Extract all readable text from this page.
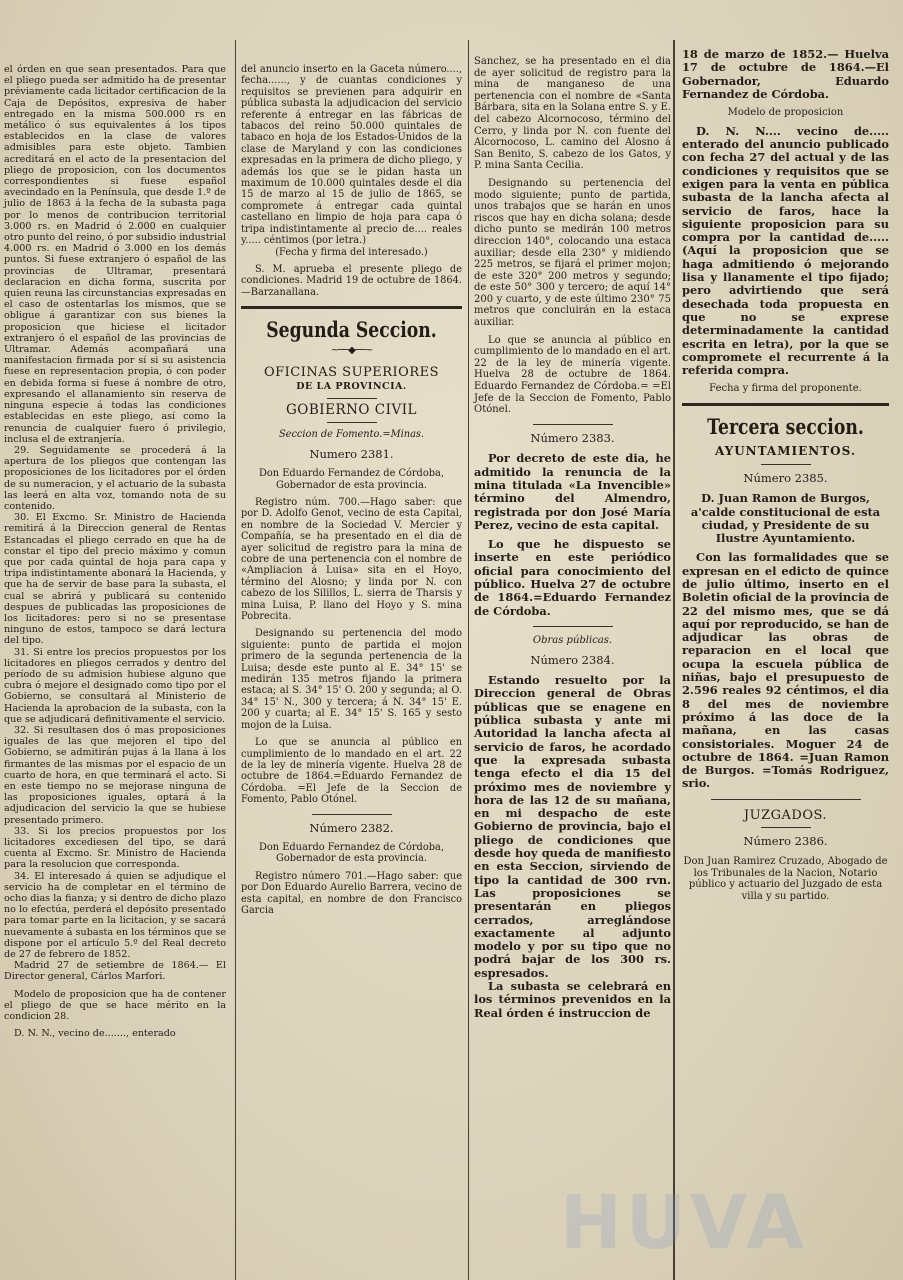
el órden en que sean presentados. Para que el pliego pueda ser admitido ha de presentar préviamente cada licitador certificacion de la Caja de Depósitos, expresiva de haber entregado en la misma 500.000 rs en metálico ó sus equivalentes á los tipos establecidos en la clase de valores admisibles para este objeto. Tambien acreditará en el acto de la presentacion del pliego de proposicion, con los documentos correspondientes si fuese español avecindado en la Península, que desde 1.º de julio de 1863 á la fecha de la subasta paga por lo menos de contribucion territorial 3.000 rs. en Madrid ó 2.000 en cualquier otro punto del reino, ó por subsidio industrial 4.000 rs. en Madrid ó 3.000 en los demás puntos. Si fuese extranjero ó español de las provincias de Ultramar, presentará declaracion en dicha forma, suscrita por quien reuna las circunstancias expresadas en el caso de ostentarlas los mismos, que se obligue á garantizar con sus bienes la proposicion que hiciese el licitador extranjero ó el español de las provincias de Ultramar. Además acompañará una manifestacion firmada por sí si su asistencia fuese en representacion propia, ó con poder en debida forma si fuese á nombre de otro, expresando el allanamiento sin reserva de ninguna especie á todas las condiciones establecidas en este pliego, así como la renuncia de cualquier fuero ó privilegio, inclusa el de extranjería.

29. Seguidamente se procederá á la apertura de los pliegos que contengan las proposiciones de los licitadores por el órden de su numeracion, y el actuario de la subasta las leerá en alta voz, tomando nota de su contenido.

30. El Excmo. Sr. Ministro de Hacienda remitirá á la Direccion general de Rentas Estancadas el pliego cerrado en que ha de constar el tipo del precio máximo y comun que por cada quintal de hoja para capa y tripa indistintamente abonará la Hacienda, y que ha de servir de base para la subasta, el cual se abrirá y publicará su contenido despues de publicadas las proposiciones de los licitadores: pero si no se presentase ninguno de estos, tampoco se dará lectura del tipo.

31. Si entre los precios propuestos por los licitadores en pliegos cerrados y dentro del período de su admision hubiese alguno que cubra ó mejore el designado como tipo por el Gobierno, se consultará al Ministerio de Hacienda la aprobacion de la subasta, con la que se adjudicará definitivamente el servicio.

32. Si resultasen dos ó mas proposiciones iguales de las que mejoren el tipo del Gobierno, se admitirán pujas á la llana á los firmantes de las mismas por el espacio de un cuarto de hora, en que terminará el acto. Si en este tiempo no se mejorase ninguna de las proposiciones iguales, optará á la adjudicacion del servicio la que se hubiese presentado primero.

33. Si los precios propuestos por los licitadores excediesen del tipo, se dará cuenta al Excmo. Sr. Ministro de Hacienda para la resolucion que corresponda.

34. El interesado á quien se adjudique el servicio ha de completar en el término de ocho dias la fianza; y si dentro de dicho plazo no lo efectúa, perderá el depósito presentado para tomar parte en la licitacion, y se sacará nuevamente á subasta en los términos que se dispone por el artículo 5.º del Real decreto de 27 de febrero de 1852.

Madrid 27 de setiembre de 1864.— El Director general, Cárlos Marfori.

Modelo de proposicion que ha de contener el pliego de que se hace mérito en la condicion 28.

D. N. N., vecino de......., enterado

del anuncio inserto en la Gaceta número...., fecha......, y de cuantas condiciones y requisitos se previenen para adquirir en pública subasta la adjudicacion del servicio referente á entregar en las fábricas de tabacos del reino 50.000 quintales de tabaco en hoja de los Estados-Unidos de la clase de Maryland y con las condiciones expresadas en la primera de dicho pliego, y además los que se le pidan hasta un maximum de 10.000 quintales desde el dia 15 de marzo al 15 de julio de 1865, se compromete á entregar cada quintal castellano en limpio de hoja para capa ó tripa indistintamente al precio de.... reales y..... céntimos (por letra.)

(Fecha y firma del interesado.)

S. M. aprueba el presente pliego de condiciones. Madrid 19 de octubre de 1864.—Barzanallana.

Segunda Seccion.
~──◆──~
OFICINAS SUPERIORES
DE LA PROVINCIA.
GOBIERNO CIVIL

Seccion de Fomento.=Minas.

Numero 2381.

Don Eduardo Fernandez de Córdoba, Gobernador de esta provincia.

Registro núm. 700.—Hago saber: que por D. Adolfo Genot, vecino de esta Capital, en nombre de la Sociedad V. Mercier y Compañía, se ha presentado en el dia de ayer solicitud de registro para la mina de cobre de una pertenencia con el nombre de «Ampliacion á Luisa» sita en el Hoyo, término del Alosno; y linda por N. con cabezo de los Silillos, L. sierra de Tharsis y mina Luisa, P. llano del Hoyo y S. mina Pobrecita.

Designando su pertenencia del modo siguiente: punto de partida el mojon primero de la segunda pertenencia de la Luisa; desde este punto al E. 34° 15' se medirán 135 metros fijando la primera estaca; al S. 34° 15' O. 200 y segunda; al O. 34° 15' N., 300 y tercera; á N. 34° 15' E. 200 y cuarta; al E. 34° 15' S. 165 y sesto mojon de la Luisa.

Lo que se anuncia al público en cumplimiento de lo mandado en el art. 22 de la ley de minería vigente. Huelva 28 de octubre de 1864.=Eduardo Fernandez de Córdoba. =El Jefe de la Seccion de Fomento, Pablo Otónel.

Número 2382.

Don Eduardo Fernandez de Córdoba, Gobernador de esta provincia.

Registro número 701.—Hago saber: que por Don Eduardo Aurelio Barrera, vecino de esta capital, en nombre de don Francisco Garcia

Sanchez, se ha presentado en el dia de ayer solicitud de registro para la mina de manganeso de una pertenencia con el nombre de «Santa Bárbara, sita en la Solana entre S. y E. del cabezo Alcornocoso, término del Cerro, y linda por N. con fuente del Alcornocoso, L. camino del Alosno á San Benito, S. cabezo de los Gatos, y P. mina Santa Cecilia.

Designando su pertenencia del modo siguiente; punto de partida, unos trabajos que se harán en unos riscos que hay en dicha solana; desde dicho punto se medirán 100 metros direccion 140°, colocando una estaca auxiliar; desde ella 230° y midiendo 225 metros, se fijará el primer mojon; de este 320° 200 metros y segundo; de este 50° 300 y tercero; de aquí 14° 200 y cuarto, y de este último 230° 75 metros que concluirán en la estaca auxiliar.

Lo que se anuncia al público en cumplimiento de lo mandado en el art. 22 de la ley de minería vigente. Huelva 28 de octubre de 1864. Eduardo Fernandez de Córdoba.= =El Jefe de la Seccion de Fomento, Pablo Otónel.

Número 2383.

Por decreto de este dia, he admitido la renuncia de la mina titulada «La Invencible» término del Almendro, registrada por don José María Perez, vecino de esta capital.

Lo que he dispuesto se inserte en este periódico oficial para conocimiento del público. Huelva 27 de octubre de 1864.=Eduardo Fernandez de Córdoba.

Obras públicas.

Número 2384.

Estando resuelto por la Direccion general de Obras públicas que se enagene en pública subasta y ante mi Autoridad la lancha afecta al servicio de faros, he acordado que la expresada subasta tenga efecto el dia 15 del próximo mes de noviembre y hora de las 12 de su mañana, en mi despacho de este Gobierno de provincia, bajo el pliego de condiciones que desde hoy queda de manifiesto en esta Seccion, sirviendo de tipo la cantidad de 300 rvn. Las proposiciones se presentarán en pliegos cerrados, arreglándose exactamente al adjunto modelo y por su tipo que no podrá bajar de los 300 rs. espresados.

La subasta se celebrará en los términos prevenidos en la Real órden é instruccion de

18 de marzo de 1852.— Huelva 17 de octubre de 1864.—El Gobernador, Eduardo Fernandez de Córdoba.

Modelo de proposicion

D. N. N.... vecino de..... enterado del anuncio publicado con fecha 27 del actual y de las condiciones y requisitos que se exigen para la venta en pública subasta de la lancha afecta al servicio de faros, hace la siguiente proposicion para su compra por la cantidad de.....(Aquí la proposicion que se haga admitiendo ó mejorando lisa y llanamente el tipo fijado; pero advirtiendo que será desechada toda propuesta en que no se exprese determinadamente la cantidad escrita en letra), por la que se compromete el recurrente á la referida compra.

Fecha y firma del proponente.

Tercera seccion.
AYUNTAMIENTOS.

Número 2385.

D. Juan Ramon de Burgos, a'calde constitucional de esta ciudad, y Presidente de su Ilustre Ayuntamiento.

Con las formalidades que se expresan en el edicto de quince de julio último, inserto en el Boletin oficial de la provincia de 22 del mismo mes, que se dá aquí por reproducido, se han de adjudicar las obras de reparacion en el local que ocupa la escuela pública de niñas, bajo el presupuesto de 2.596 reales 92 céntimos, el dia 8 del mes de noviembre próximo á las doce de la mañana, en las casas consistoriales. Moguer 24 de octubre de 1864. =Juan Ramon de Burgos. =Tomás Rodriguez, srio.

JUZGADOS.

Número 2386.

Don Juan Ramirez Cruzado, Abogado de los Tribunales de la Nacion, Notario público y actuario del Juzgado de esta villa y su partido.

HUVA
